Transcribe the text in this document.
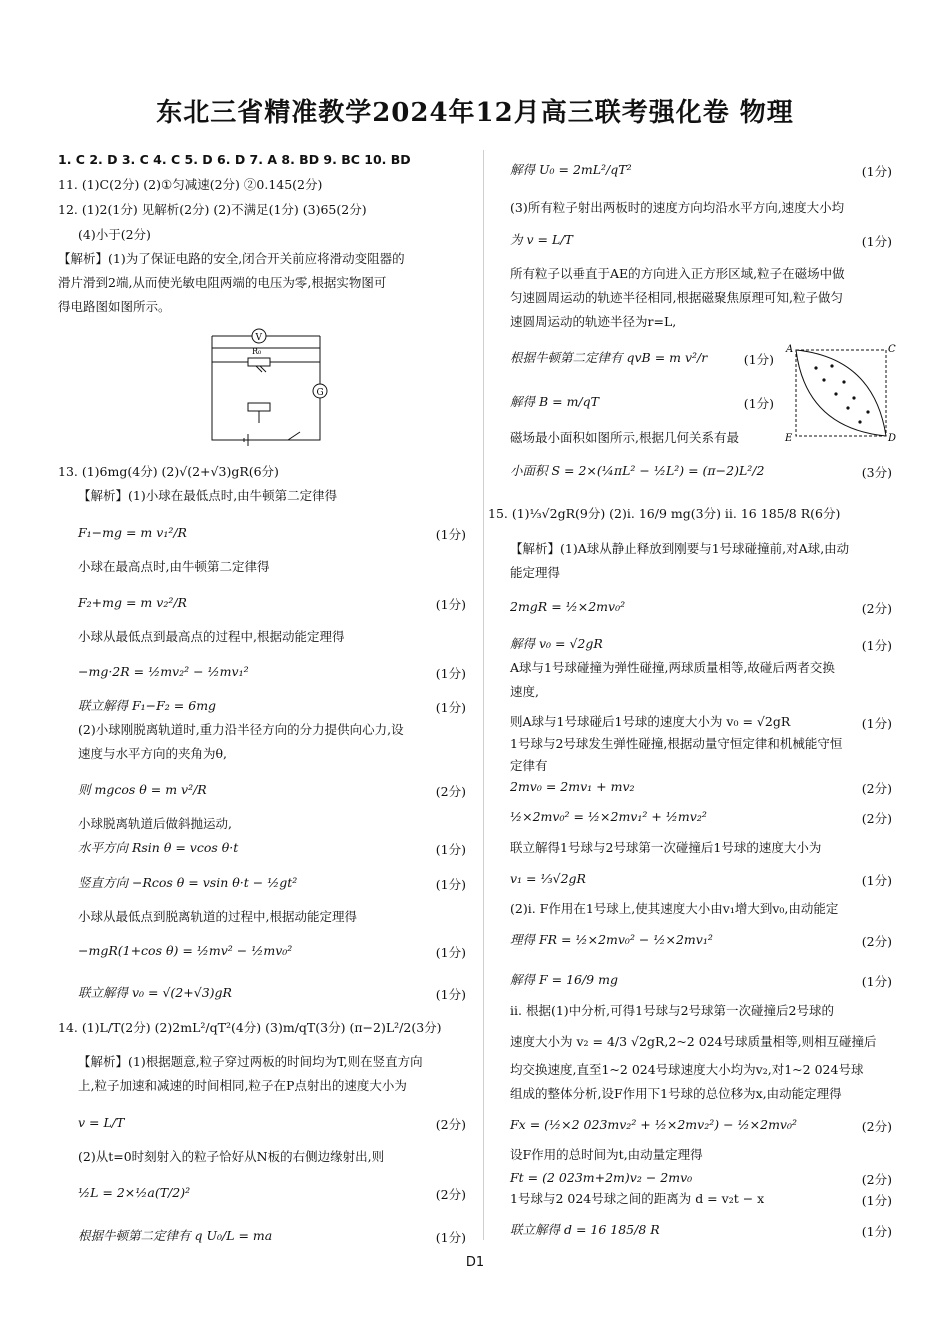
东北三省精准教学2024年12月高三联考强化卷 物理
1. C 2. D 3. C 4. C 5. D 6. D 7. A 8. BD 9. BC 10. BD
11. (1)C(2分) (2)①匀减速(2分) ②0.145(2分)
12. (1)2(1分) 见解析(2分) (2)不满足(1分) (3)65(2分)
(4)小于(2分)
【解析】(1)为了保证电路的安全,闭合开关前应将滑动变阻器的
滑片滑到2端,从而使光敏电阻两端的电压为零,根据实物图可
得电路图如图所示。
V
G
R₀
13. (1)6mg(4分) (2)√(2+√3)gR(6分)
【解析】(1)小球在最低点时,由牛顿第二定律得
F₁−mg = m v₁²/R	(1分)
小球在最高点时,由牛顿第二定律得
F₂+mg = m v₂²/R	(1分)
小球从最低点到最高点的过程中,根据动能定理得
−mg·2R = ½mv₂² − ½mv₁²	(1分)
联立解得 F₁−F₂ = 6mg	(1分)
(2)小球刚脱离轨道时,重力沿半径方向的分力提供向心力,设
速度与水平方向的夹角为θ,
则 mgcos θ = m v²/R	(2分)
小球脱离轨道后做斜抛运动,
水平方向 Rsin θ = vcos θ·t	(1分)
竖直方向 −Rcos θ = vsin θ·t − ½gt²	(1分)
小球从最低点到脱离轨道的过程中,根据动能定理得
−mgR(1+cos θ) = ½mv² − ½mv₀²	(1分)
联立解得 v₀ = √(2+√3)gR	(1分)
14. (1)L/T(2分) (2)2mL²/qT²(4分) (3)m/qT(3分) (π−2)L²/2(3分)
【解析】(1)根据题意,粒子穿过两板的时间均为T,则在竖直方向
上,粒子加速和减速的时间相同,粒子在P点射出的速度大小为
v = L/T	(2分)
(2)从t=0时刻射入的粒子恰好从N板的右侧边缘射出,则
½L = 2×½a(T/2)²	(2分)
根据牛顿第二定律有 q U₀/L = ma	(1分)
解得 U₀ = 2mL²/qT²	(1分)
(3)所有粒子射出两板时的速度方向均沿水平方向,速度大小均
为 v = L/T	(1分)
所有粒子以垂直于AE的方向进入正方形区域,粒子在磁场中做
匀速圆周运动的轨迹半径相同,根据磁聚焦原理可知,粒子做匀
速圆周运动的轨迹半径为r=L,
根据牛顿第二定律有 qvB = m v²/r	(1分)
解得 B = m/qT	(1分)
磁场最小面积如图所示,根据几何关系有最
A	C
D
E
小面积 S = 2×(¼πL² − ½L²) = (π−2)L²/2	(3分)
15. (1)⅓√2gR(9分) (2)i. 16/9 mg(3分) ii. 16 185/8 R(6分)
【解析】(1)A球从静止释放到刚要与1号球碰撞前,对A球,由动
能定理得
2mgR = ½×2mv₀²	(2分)
解得 v₀ = √2gR	(1分)
A球与1号球碰撞为弹性碰撞,两球质量相等,故碰后两者交换
速度,
则A球与1号球碰后1号球的速度大小为 v₀ = √2gR	(1分)
1号球与2号球发生弹性碰撞,根据动量守恒定律和机械能守恒
定律有
2mv₀ = 2mv₁ + mv₂	(2分)
½×2mv₀² = ½×2mv₁² + ½mv₂²	(2分)
联立解得1号球与2号球第一次碰撞后1号球的速度大小为
v₁ = ⅓√2gR	(1分)
(2)i. F作用在1号球上,使其速度大小由v₁增大到v₀,由动能定
理得 FR = ½×2mv₀² − ½×2mv₁²	(2分)
解得 F = 16/9 mg	(1分)
ii. 根据(1)中分析,可得1号球与2号球第一次碰撞后2号球的
速度大小为 v₂ = 4/3 √2gR,2~2 024号球质量相等,则相互碰撞后
均交换速度,直至1~2 024号球速度大小均为v₂,对1~2 024号球
组成的整体分析,设F作用下1号球的总位移为x,由动能定理得
Fx = (½×2 023mv₂² + ½×2mv₂²) − ½×2mv₀²	(2分)
设F作用的总时间为t,由动量定理得
Ft = (2 023m+2m)v₂ − 2mv₀	(2分)
1号球与2 024号球之间的距离为 d = v₂t − x	(1分)
联立解得 d = 16 185/8 R	(1分)
D1
